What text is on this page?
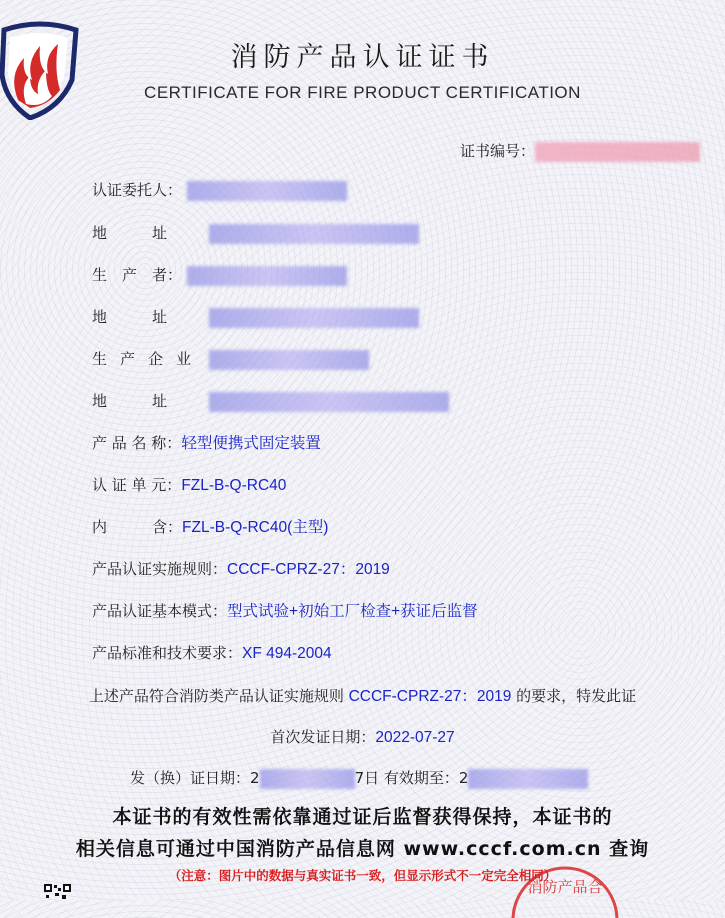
消防产品认证证书
CERTIFICATE FOR FIRE PRODUCT CERTIFICATION
证书编号：
认证委托人：
地　　　址
生　产　者：
地　　　址
生产企业
地　　　址
产 品 名 称：轻型便携式固定装置
认 证 单 元：FZL-B-Q-RC40
内　　　含：FZL-B-Q-RC40(主型)
产品认证实施规则：CCCF-CPRZ-27：2019
产品认证基本模式：型式试验+初始工厂检查+获证后监督
产品标准和技术要求：XF 494-2004
上述产品符合消防类产品认证实施规则 CCCF-CPRZ-27：2019 的要求，特发此证
首次发证日期：2022-07-27
发（换）证日期：2	7日 有效期至：2
本证书的有效性需依靠通过证后监督获得保持，本证书的
相关信息可通过中国消防产品信息网 www.cccf.com.cn 查询
（注意：图片中的数据与真实证书一致，但显示形式不一定完全相同）
消防产品合
